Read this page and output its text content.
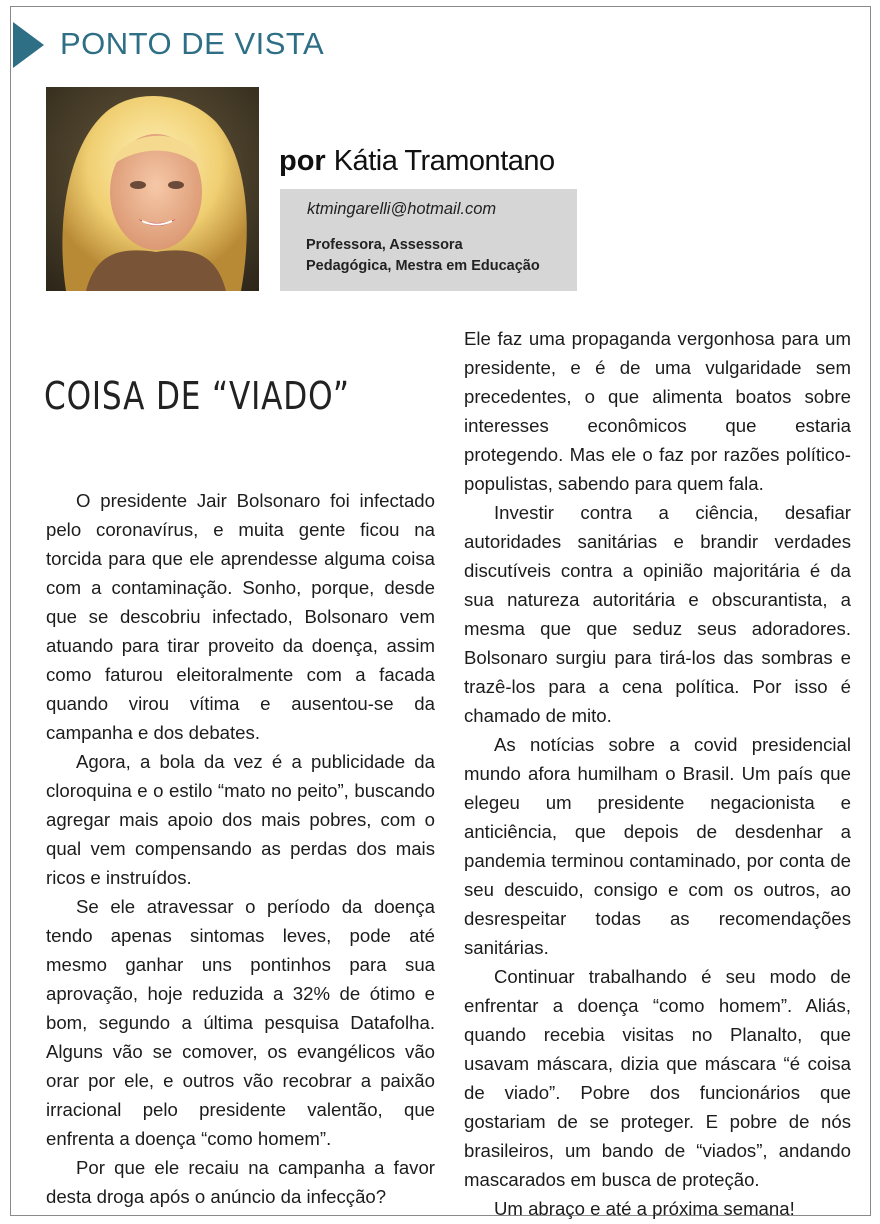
PONTO DE VISTA
por Kátia Tramontano
ktmingarelli@hotmail.com
Professora, Assessora
Pedagógica, Mestra em Educação
COISA DE “VIADO”

O presidente Jair Bolsonaro foi infectado pelo coronavírus, e muita gente ficou na torcida para que ele aprendesse alguma coisa com a contaminação. Sonho, porque, desde que se descobriu infectado, Bolsonaro vem atuando para tirar proveito da doença, assim como faturou eleitoralmente com a facada quando virou vítima e ausentou-se da campanha e dos debates.

Agora, a bola da vez é a publicidade da cloroquina e o estilo “mato no peito”, buscando agregar mais apoio dos mais pobres, com o qual vem compensando as perdas dos mais ricos e instruídos.

Se ele atravessar o período da doença tendo apenas sintomas leves, pode até mesmo ganhar uns pontinhos para sua aprovação, hoje reduzida a 32% de ótimo e bom, segundo a última pesquisa Datafolha. Alguns vão se comover, os evangélicos vão orar por ele, e outros vão recobrar a paixão irracional pelo presidente valentão, que enfrenta a doença “como homem”.

Por que ele recaiu na campanha a favor desta droga após o anúncio da infecção?

Ele faz uma propaganda vergonhosa para um presidente, e é de uma vulgaridade sem precedentes, o que alimenta boatos sobre interesses econômicos que estaria protegendo. Mas ele o faz por razões político-populistas, sabendo para quem fala.

Investir contra a ciência, desafiar autoridades sanitárias e brandir verdades discutíveis contra a opinião majoritária é da sua natureza autoritária e obscurantista, a mesma que que seduz seus adoradores. Bolsonaro surgiu para tirá-los das sombras e trazê-los para a cena política. Por isso é chamado de mito.

As notícias sobre a covid presidencial mundo afora humilham o Brasil. Um país que elegeu um presidente negacionista e anticiência, que depois de desdenhar a pandemia terminou contaminado, por conta de seu descuido, consigo e com os outros, ao desrespeitar todas as recomendações sanitárias.

Continuar trabalhando é seu modo de enfrentar a doença “como homem”. Aliás, quando recebia visitas no Planalto, que usavam máscara, dizia que máscara “é coisa de viado”. Pobre dos funcionários que gostariam de se proteger. E pobre de nós brasileiros, um bando de “viados”, andando mascarados em busca de proteção.

Um abraço e até a próxima semana!
